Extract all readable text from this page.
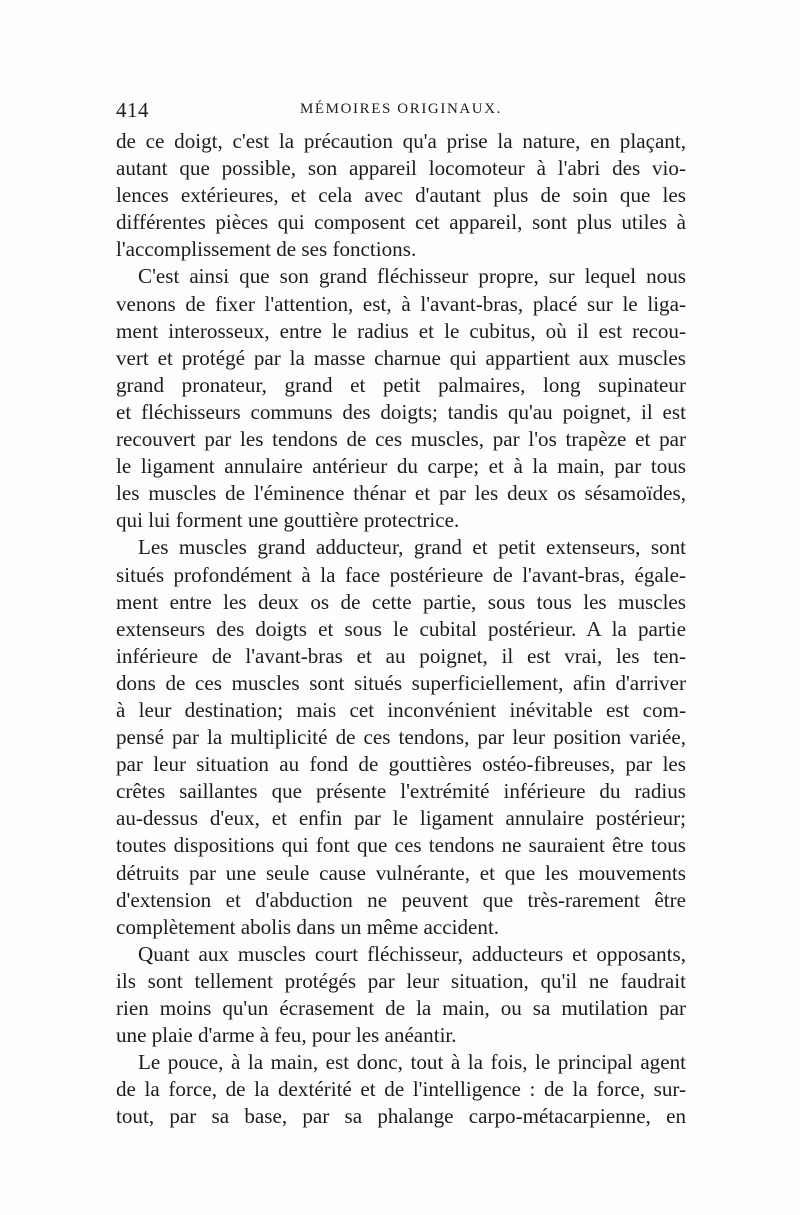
414	MÉMOIRES ORIGINAUX.
de ce doigt, c'est la précaution qu'a prise la nature, en plaçant,
autant que possible, son appareil locomoteur à l'abri des vio-
lences extérieures, et cela avec d'autant plus de soin que les
différentes pièces qui composent cet appareil, sont plus utiles à
l'accomplissement de ses fonctions.
C'est ainsi que son grand fléchisseur propre, sur lequel nous
venons de fixer l'attention, est, à l'avant-bras, placé sur le liga-
ment interosseux, entre le radius et le cubitus, où il est recou-
vert et protégé par la masse charnue qui appartient aux muscles
grand pronateur, grand et petit palmaires, long supinateur
et fléchisseurs communs des doigts; tandis qu'au poignet, il est
recouvert par les tendons de ces muscles, par l'os trapèze et par
le ligament annulaire antérieur du carpe; et à la main, par tous
les muscles de l'éminence thénar et par les deux os sésamoïdes,
qui lui forment une gouttière protectrice.
Les muscles grand adducteur, grand et petit extenseurs, sont
situés profondément à la face postérieure de l'avant-bras, égale-
ment entre les deux os de cette partie, sous tous les muscles
extenseurs des doigts et sous le cubital postérieur. A la partie
inférieure de l'avant-bras et au poignet, il est vrai, les ten-
dons de ces muscles sont situés superficiellement, afin d'arriver
à leur destination; mais cet inconvénient inévitable est com-
pensé par la multiplicité de ces tendons, par leur position variée,
par leur situation au fond de gouttières ostéo-fibreuses, par les
crêtes saillantes que présente l'extrémité inférieure du radius
au-dessus d'eux, et enfin par le ligament annulaire postérieur;
toutes dispositions qui font que ces tendons ne sauraient être tous
détruits par une seule cause vulnérante, et que les mouvements
d'extension et d'abduction ne peuvent que très-rarement être
complètement abolis dans un même accident.
Quant aux muscles court fléchisseur, adducteurs et opposants,
ils sont tellement protégés par leur situation, qu'il ne faudrait
rien moins qu'un écrasement de la main, ou sa mutilation par
une plaie d'arme à feu, pour les anéantir.
Le pouce, à la main, est donc, tout à la fois, le principal agent
de la force, de la dextérité et de l'intelligence : de la force, sur-
tout, par sa base, par sa phalange carpo-métacarpienne, en
